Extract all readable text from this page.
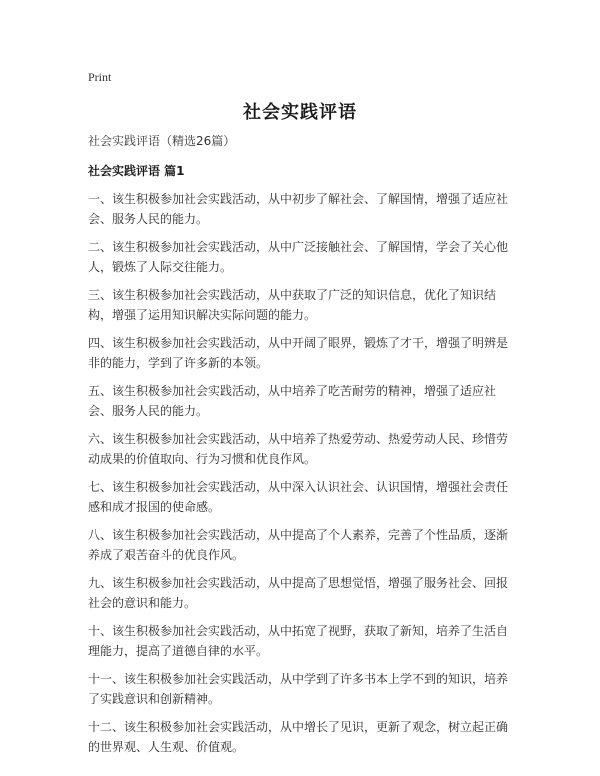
Print
社会实践评语

社会实践评语（精选26篇）

社会实践评语 篇1

一、该生积极参加社会实践活动，从中初步了解社会、了解国情，增强了适应社会、服务人民的能力。

二、该生积极参加社会实践活动，从中广泛接触社会、了解国情，学会了关心他人，锻炼了人际交往能力。

三、该生积极参加社会实践活动，从中获取了广泛的知识信息，优化了知识结构，增强了运用知识解决实际问题的能力。

四、该生积极参加社会实践活动，从中开阔了眼界，锻炼了才干，增强了明辨是非的能力，学到了许多新的本领。

五、该生积极参加社会实践活动，从中培养了吃苦耐劳的精神，增强了适应社会、服务人民的能力。

六、该生积极参加社会实践活动，从中培养了热爱劳动、热爱劳动人民、珍惜劳动成果的价值取向、行为习惯和优良作风。

七、该生积极参加社会实践活动，从中深入认识社会、认识国情，增强社会责任感和成才报国的使命感。

八、该生积极参加社会实践活动，从中提高了个人素养，完善了个性品质，逐渐养成了艰苦奋斗的优良作风。

九、该生积极参加社会实践活动，从中提高了思想觉悟，增强了服务社会、回报社会的意识和能力。

十、该生积极参加社会实践活动，从中拓宽了视野，获取了新知，培养了生活自理能力，提高了道德自律的水平。

十一、该生积极参加社会实践活动，从中学到了许多书本上学不到的知识，培养了实践意识和创新精神。

十二、该生积极参加社会实践活动，从中增长了见识，更新了观念，树立起正确的世界观、人生观、价值观。
